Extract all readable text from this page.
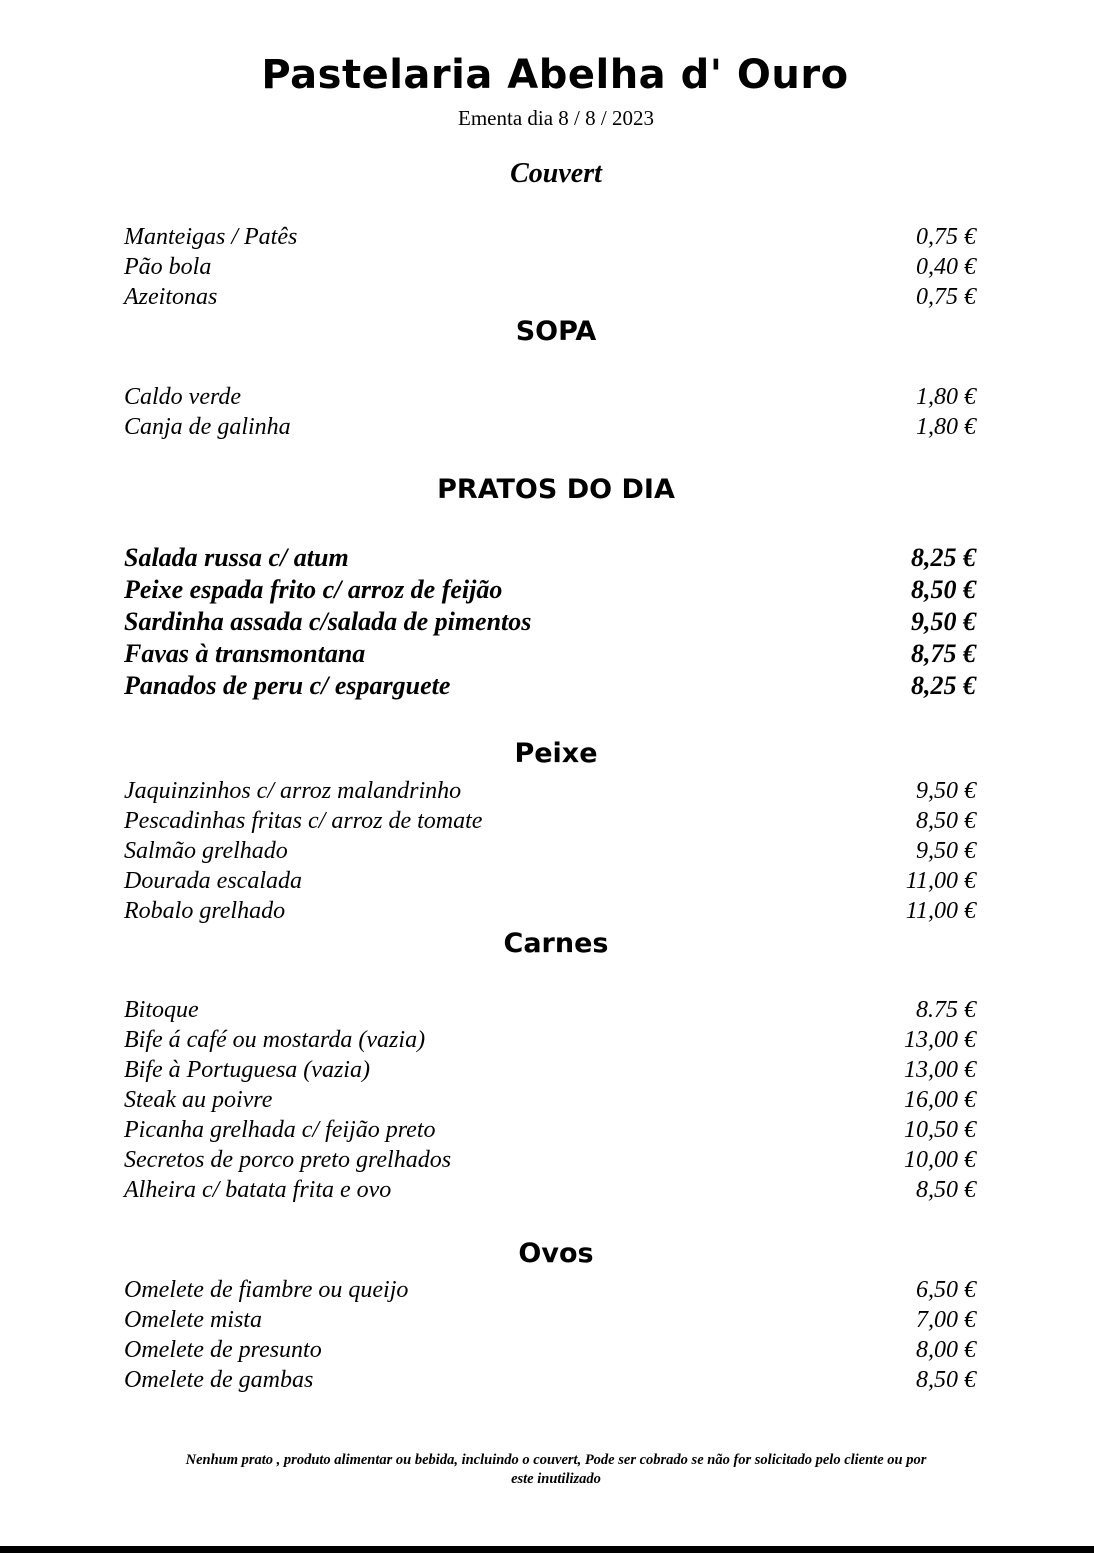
Pastelaria Abelha d' Ouro
Ementa dia 8 / 8 / 2023
Couvert
Manteigas / Patês	0,75 €
Pão bola	0,40 €
Azeitonas	0,75 €
SOPA
Caldo verde	1,80 €
Canja de galinha	1,80 €
PRATOS DO DIA
Salada russa c/ atum	8,25 €
Peixe espada frito c/ arroz de feijão	8,50 €
Sardinha assada c/salada de pimentos	9,50 €
Favas à transmontana	8,75 €
Panados de peru c/ esparguete	8,25 €
Peixe
Jaquinzinhos c/ arroz malandrinho	9,50 €
Pescadinhas fritas c/ arroz de tomate	8,50 €
Salmão grelhado	9,50 €
Dourada escalada	11,00 €
Robalo grelhado	11,00 €
Carnes
Bitoque	8.75 €
Bife á café ou mostarda (vazia)	13,00 €
Bife à Portuguesa (vazia)	13,00 €
Steak au poivre	16,00 €
Picanha grelhada c/ feijão preto	10,50 €
Secretos de porco preto grelhados	10,00 €
Alheira c/ batata frita e ovo	8,50 €
Ovos
Omelete de fiambre ou queijo	6,50 €
Omelete mista	7,00 €
Omelete de presunto	8,00 €
Omelete de gambas	8,50 €
Nenhum prato , produto alimentar ou bebida, incluindo o couvert, Pode ser cobrado se não for solicitado pelo cliente ou por
este inutilizado
